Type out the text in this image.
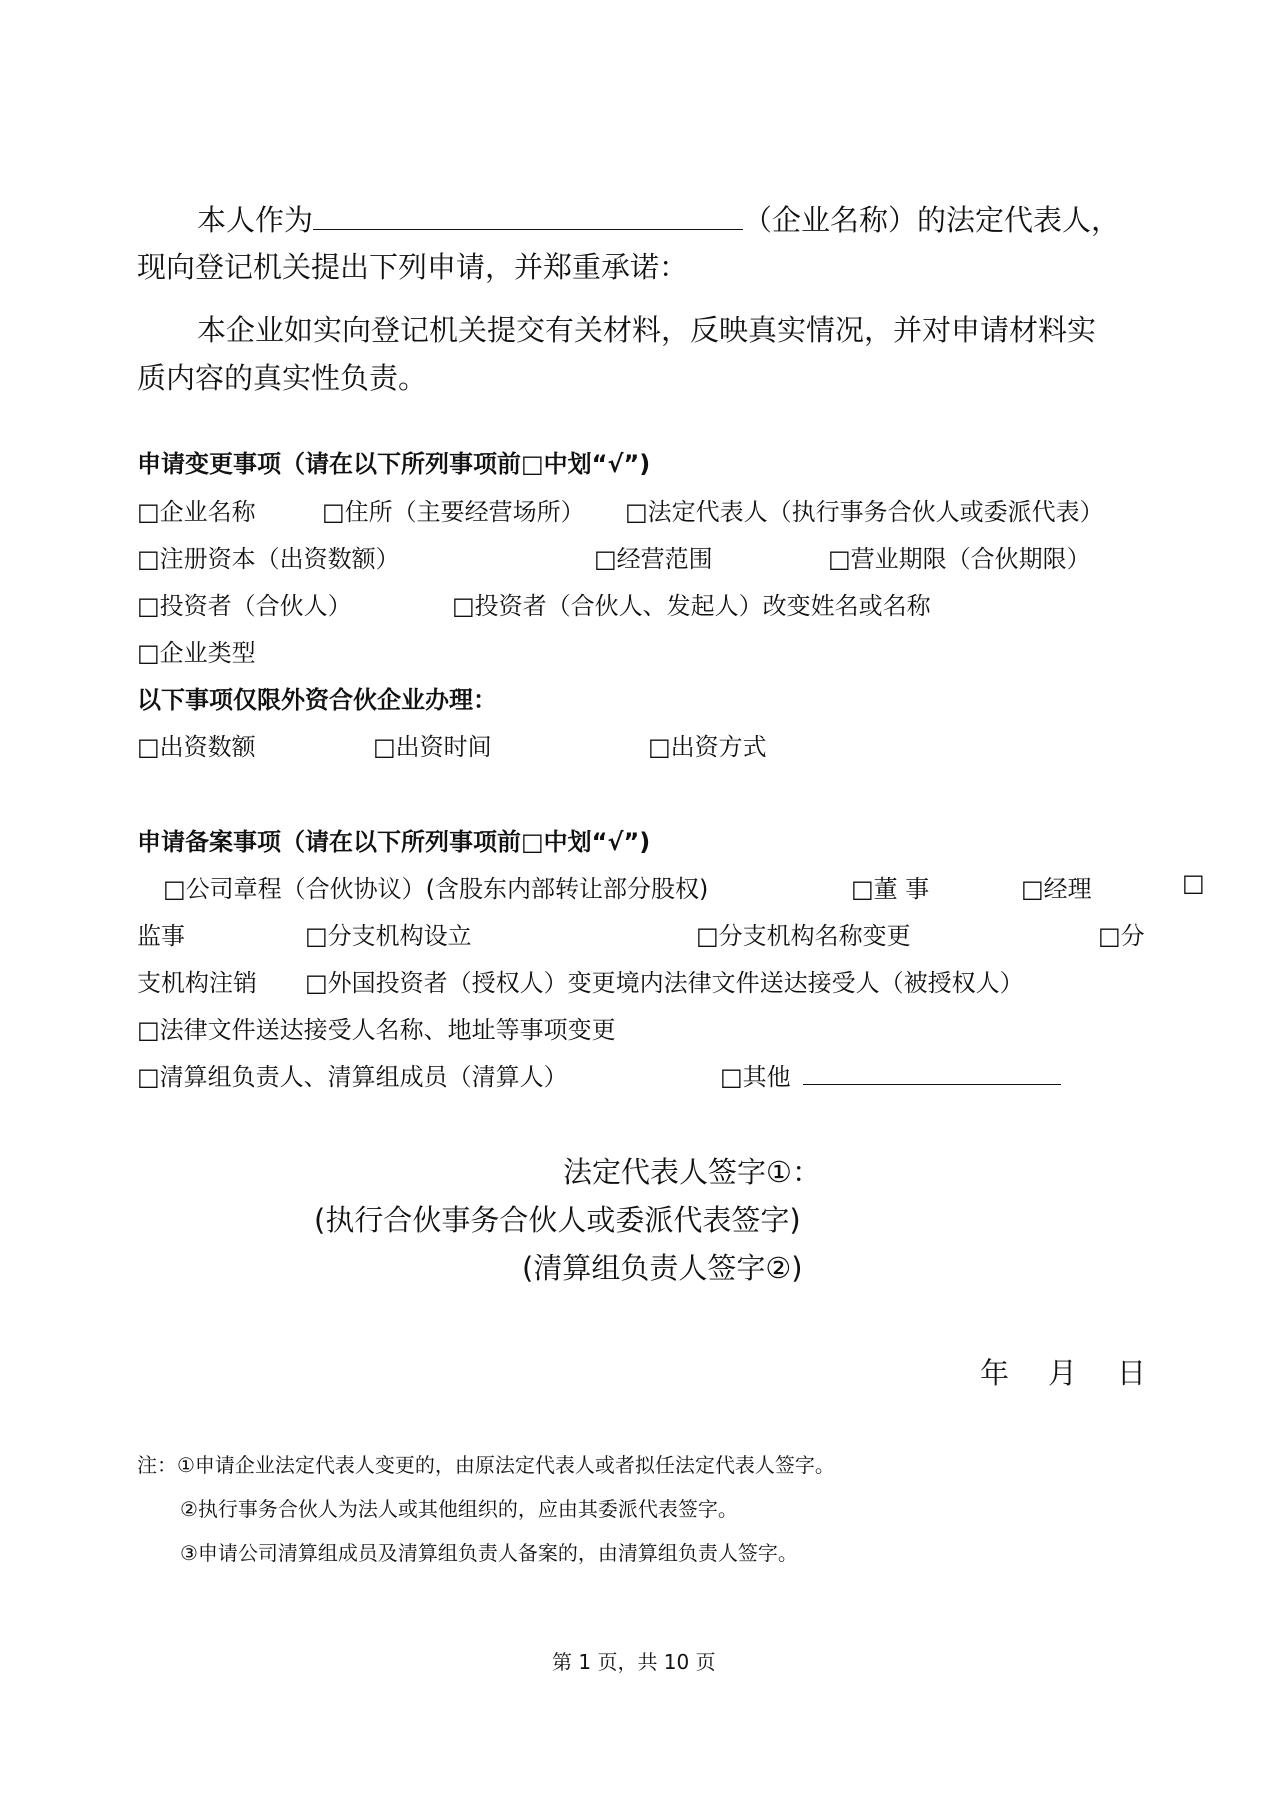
本人作为	（企业名称）的法定代表人，
现向登记机关提出下列申请，并郑重承诺：
本企业如实向登记机关提交有关材料，反映真实情况，并对申请材料实
质内容的真实性负责。
申请变更事项（请在以下所列事项前□中划“√”)
□企业名称	□住所（主要经营场所） □法定代表人（执行事务合伙人或委派代表）
□注册资本（出资数额）	□经营范围	□营业期限（合伙期限）
□投资者（合伙人）	□投资者（合伙人、发起人）改变姓名或名称
□企业类型
以下事项仅限外资合伙企业办理：
□出资数额	□出资时间	□出资方式
申请备案事项（请在以下所列事项前□中划“√”)
□公司章程（合伙协议）(含股东内部转让部分股权)	□董 事	□经理	□
监事	□分支机构设立	□分支机构名称变更	□分
支机构注销 □外国投资者（授权人）变更境内法律文件送达接受人（被授权人）
□法律文件送达接受人名称、地址等事项变更
□清算组负责人、清算组成员（清算人）	□其他
法定代表人签字①：
(执行合伙事务合伙人或委派代表签字)
(清算组负责人签字②)
年 月 日
注：①申请企业法定代表人变更的，由原法定代表人或者拟任法定代表人签字。
②执行事务合伙人为法人或其他组织的，应由其委派代表签字。
③申请公司清算组成员及清算组负责人备案的，由清算组负责人签字。
第 1 页，共 10 页
